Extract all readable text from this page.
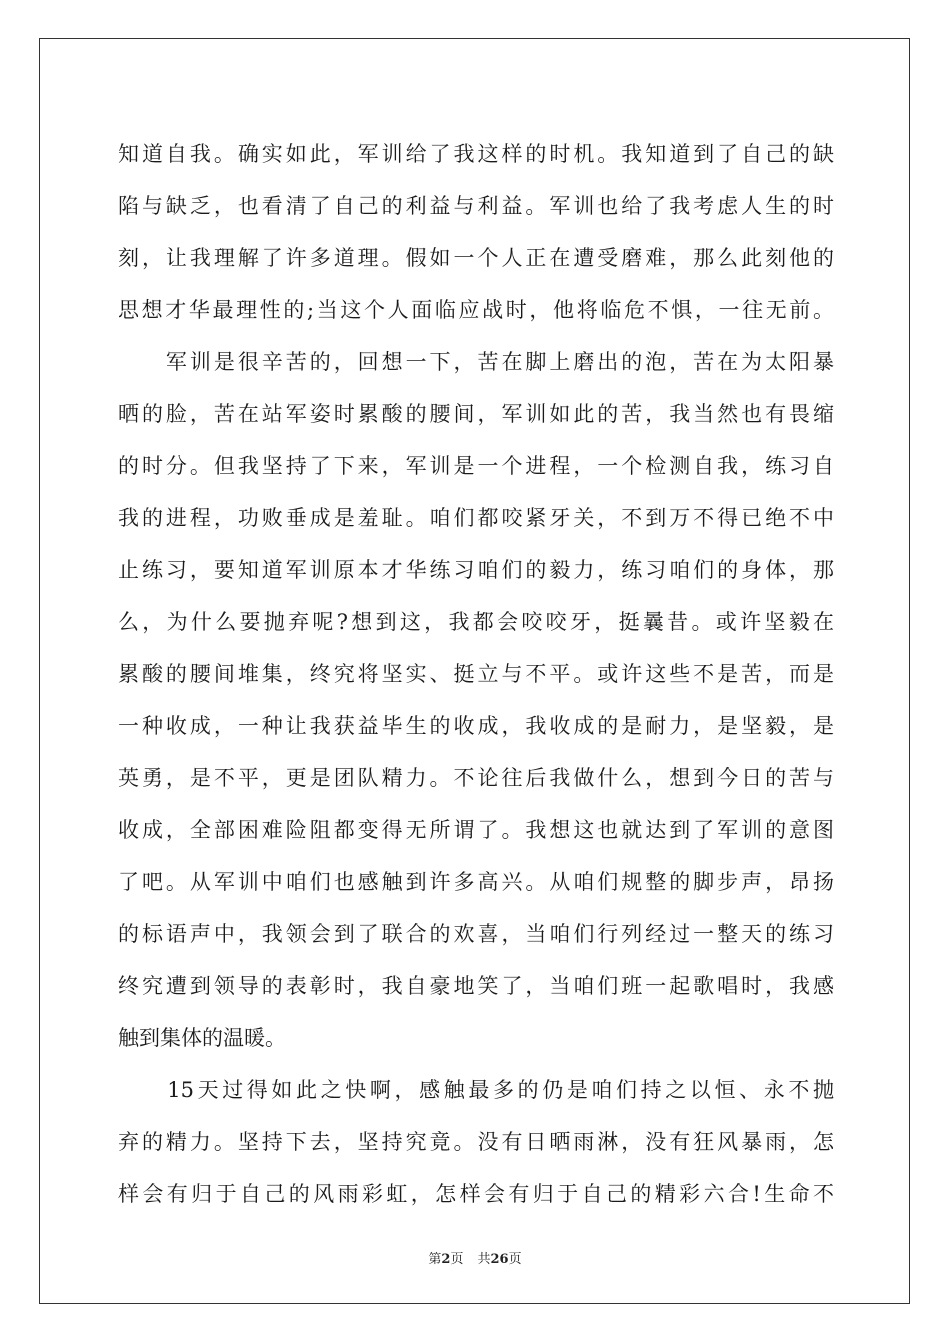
知道自我。确实如此，军训给了我这样的时机。我知道到了自己的缺
陷与缺乏，也看清了自己的利益与利益。军训也给了我考虑人生的时
刻，让我理解了许多道理。假如一个人正在遭受磨难，那么此刻他的
思想才华最理性的;当这个人面临应战时，他将临危不惧，一往无前。
　　军训是很辛苦的，回想一下，苦在脚上磨出的泡，苦在为太阳暴
晒的脸，苦在站军姿时累酸的腰间，军训如此的苦，我当然也有畏缩
的时分。但我坚持了下来，军训是一个进程，一个检测自我，练习自
我的进程，功败垂成是羞耻。咱们都咬紧牙关，不到万不得已绝不中
止练习，要知道军训原本才华练习咱们的毅力，练习咱们的身体，那
么，为什么要抛弃呢?想到这，我都会咬咬牙，挺曩昔。或许坚毅在
累酸的腰间堆集，终究将坚实、挺立与不平。或许这些不是苦，而是
一种收成，一种让我获益毕生的收成，我收成的是耐力，是坚毅，是
英勇，是不平，更是团队精力。不论往后我做什么，想到今日的苦与
收成，全部困难险阻都变得无所谓了。我想这也就达到了军训的意图
了吧。从军训中咱们也感触到许多高兴。从咱们规整的脚步声，昂扬
的标语声中，我领会到了联合的欢喜，当咱们行列经过一整天的练习
终究遭到领导的表彰时，我自豪地笑了，当咱们班一起歌唱时，我感
触到集体的温暖。
　　15天过得如此之快啊，感触最多的仍是咱们持之以恒、永不抛
弃的精力。坚持下去，坚持究竟。没有日晒雨淋，没有狂风暴雨，怎
样会有归于自己的风雨彩虹，怎样会有归于自己的精彩六合!生命不
第2页 共26页
